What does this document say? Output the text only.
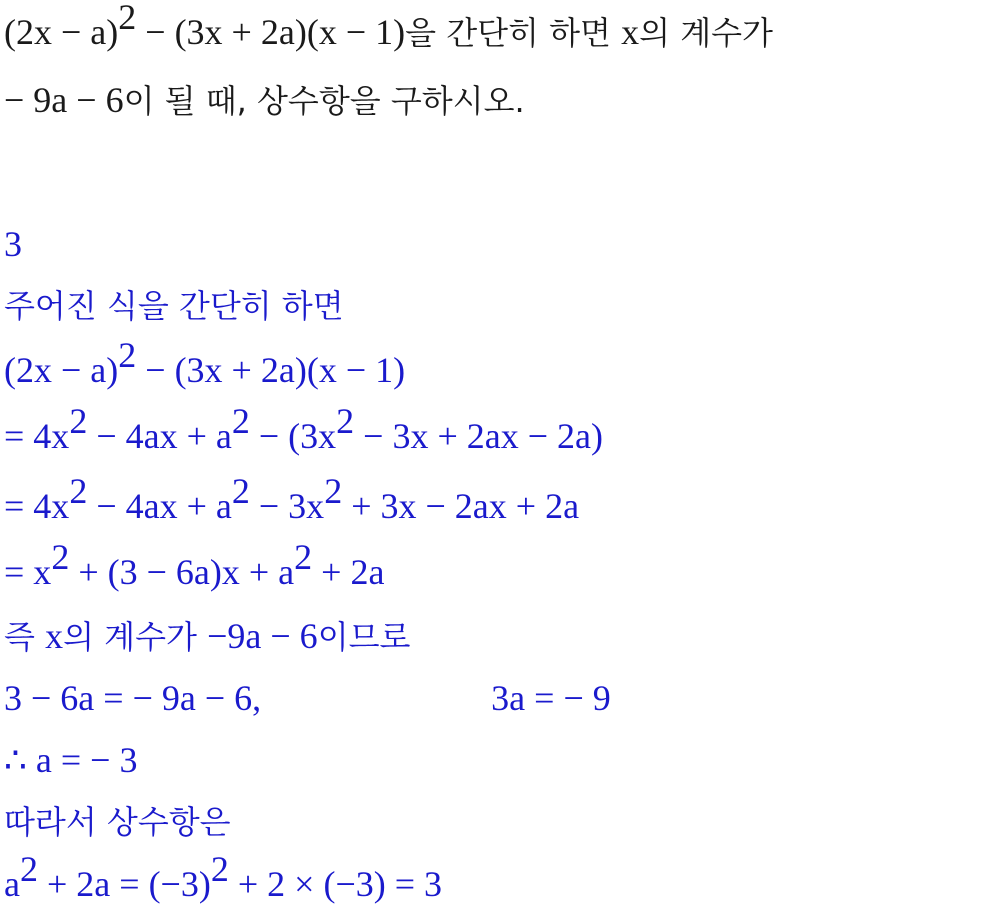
$(2x - a)^2 - (3x + 2a)(x - 1)$을 간단히 하면 x의 계수가
− 9a − 6이 될 때, 상수항을 구하시오.
3
주어진 식을 간단히 하면
$(2x - a)^2 - (3x + 2a)(x - 1)$
= $4x^2 - 4ax + a^2 - (3x^2 - 3x + 2ax - 2a)$
= $4x^2 - 4ax + a^2 - 3x^2 + 3x - 2ax + 2a$
= $x^2 + (3 - 6a)x + a^2 + 2a$
즉 x의 계수가 −9a − 6이므로
3 − 6a = − 9a − 6,	3a = − 9
∴ a = − 3
따라서 상수항은
$a^2 + 2a = (-3)^2 + 2 \times (-3) = 3$
